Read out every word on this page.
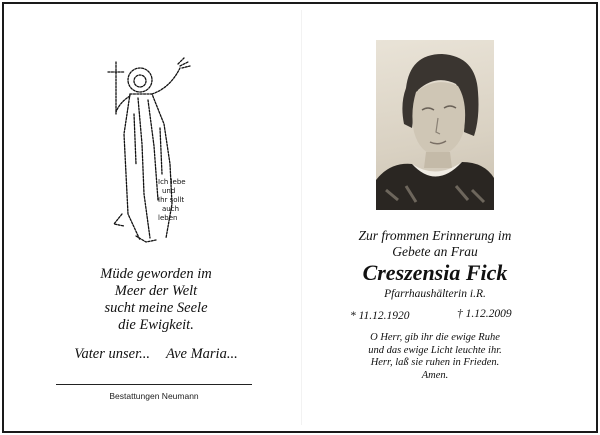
Ich lebe
und
Ihr sollt
auch
leben
Müde geworden im
Meer der Welt
sucht meine Seele
die Ewigkeit.
Vater unser... Ave Maria...
Bestattungen Neumann
Zur frommen Erinnerung im
Gebete an Frau
Creszensia Fick
Pfarrhaushälterin i.R.
* 11.12.1920	† 1.12.2009
O Herr, gib ihr die ewige Ruhe
und das ewige Licht leuchte ihr.
Herr, laß sie ruhen in Frieden.
Amen.
